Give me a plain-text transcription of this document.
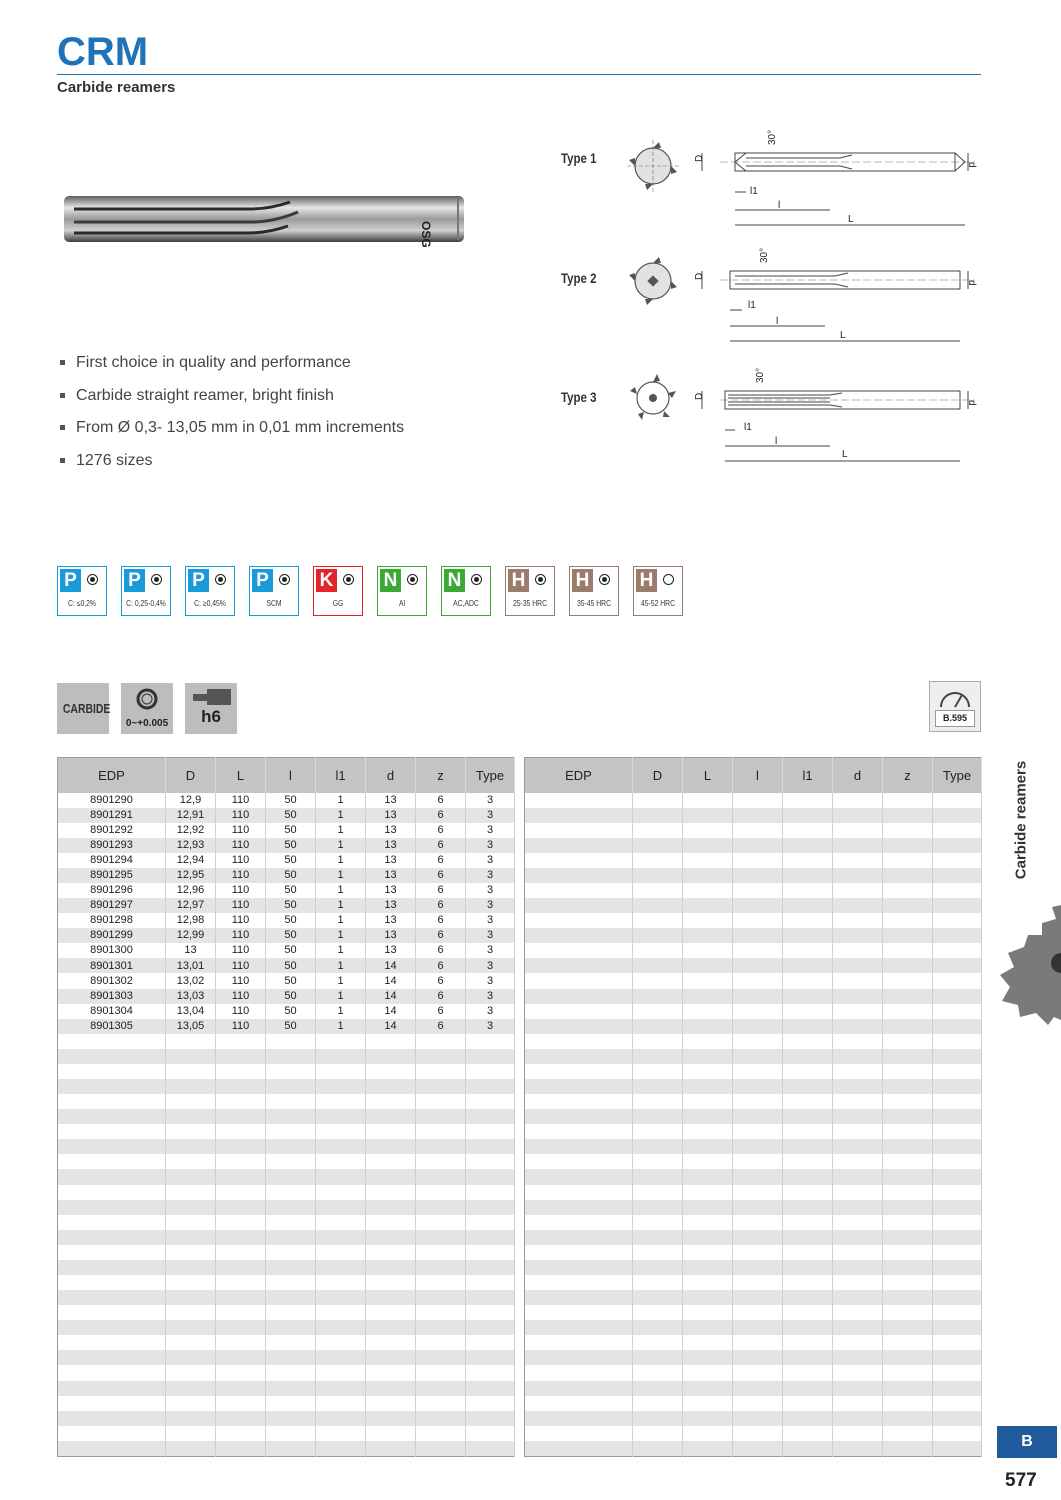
CRM
Carbide reamers
OSG
Type 1	D
d
30°
l1
l
L
Type 2	D
d
30°
l1
l
L
Type 3	D
d
30°
l1
l
L
First choice in quality and performance
Carbide straight reamer, bright finish
From Ø 0,3- 13,05 mm in 0,01 mm increments
1276 sizes
P
C: ≤0,2%
P
C: 0,25-0,4%
P
C: ≥0,45%
P
SCM
K
GG
N
Al
N
AC,ADC
H
25-35 HRC
H
35-45 HRC
H
45-52 HRC
CARBIDE
0~+0.005	h6	B.595
EDP	D	L	l	l1	d	z	Type
8901290	12,9	110	50	1	13	6	3
8901291	12,91	110	50	1	13	6	3
8901292	12,92	110	50	1	13	6	3
8901293	12,93	110	50	1	13	6	3
8901294	12,94	110	50	1	13	6	3
8901295	12,95	110	50	1	13	6	3
8901296	12,96	110	50	1	13	6	3
8901297	12,97	110	50	1	13	6	3
8901298	12,98	110	50	1	13	6	3
8901299	12,99	110	50	1	13	6	3
8901300	13	110	50	1	13	6	3
8901301	13,01	110	50	1	14	6	3
8901302	13,02	110	50	1	14	6	3
8901303	13,03	110	50	1	14	6	3
8901304	13,04	110	50	1	14	6	3
8901305	13,05	110	50	1	14	6	3

EDP	D	L	l	l1	d	z	Type

								Carbide reamers
B
577
